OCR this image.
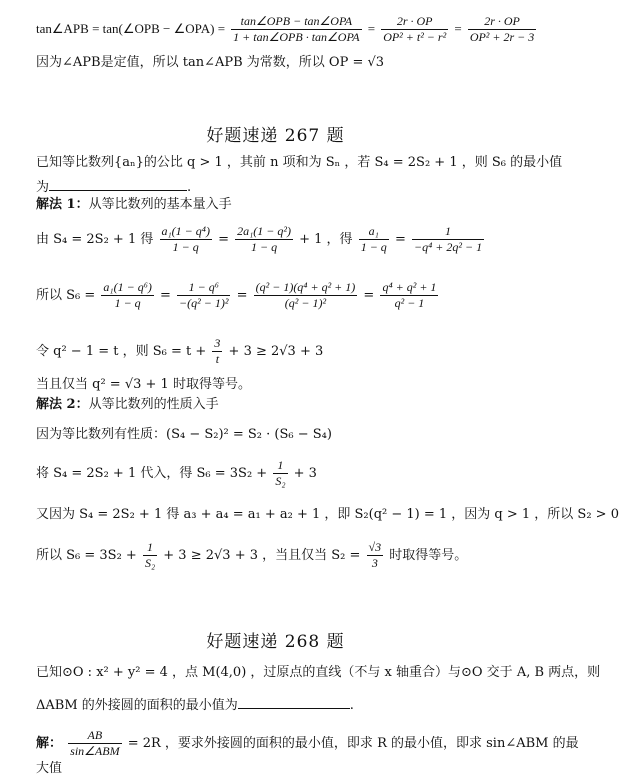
tan∠APB = tan(∠OPB − ∠OPA) = $\frac{\text{tan∠OPB − tan∠OPA}}{\text{1 + tan∠OPB · tan∠OPA}} = \frac{2r \cdot OP}{\text{OP² + t² − r²}} = \frac{2r \cdot OP}{\text{OP² + 2r − 3}}$
因为∠APB是定值，所以 tan∠APB 为常数，所以 OP = √3
好题速递 267 题
已知等比数列{aₙ}的公比 q > 1 ，其前 n 项和为 Sₙ ，若 S₄ = 2S₂ + 1 ，则 S₆ 的最小值
为	.
解法 1：从等比数列的基本量入手
由 S₄ = 2S₂ + 1 得 $\frac{\text{a₁(1 − q⁴)}}{1 - q} = \frac{\text{2a₁(1 − q²)}}{1 - q} + 1$ ，得 $\frac{\text{a₁}}{1 - q} = \frac{1}{\text{−q⁴ + 2q² − 1}}$
所以 $S_6 = \frac{\text{a₁(1 − q⁶)}}{1 - q} = \frac{\text{1 − q⁶}}{\text{−(q² − 1)²}} = \frac{\text{(q² − 1)(q⁴ + q² + 1)}}{\text{(q² − 1)²}} = \frac{\text{q⁴ + q² + 1}}{\text{q² − 1}}$
令 q² − 1 = t ，则 $S_6 = t + \frac{3}{t} + 3 \ge 2√3 + 3$
当且仅当 q² = √3 + 1 时取得等号。
解法 2：从等比数列的性质入手
因为等比数列有性质：(S₄ − S₂)² = S₂ · (S₆ − S₄)
将 S₄ = 2S₂ + 1 代入，得 $S_6 = 3S_2 + \frac{1}{\text{S₂}} + 3$
又因为 S₄ = 2S₂ + 1 得 a₃ + a₄ = a₁ + a₂ + 1 ，即 S₂(q² − 1) = 1 ，因为 q > 1 ，所以 S₂ > 0
所以 $S_6 = 3S_2 + \frac{1}{\text{S₂}} + 3 \ge 2√3 + 3$ ，当且仅当 $S_2 = \frac{√3}{3}$ 时取得等号。
好题速递 268 题
已知⊙O : x² + y² = 4 ，点 M(4,0) ，过原点的直线（不与 x 轴重合）与⊙O 交于 A, B 两点，则
ΔABM 的外接圆的面积的最小值为	.
解： $\frac{AB}{\text{sin∠ABM}} = 2R$ ，要求外接圆的面积的最小值，即求 R 的最小值，即求 sin∠ABM 的最
大值
